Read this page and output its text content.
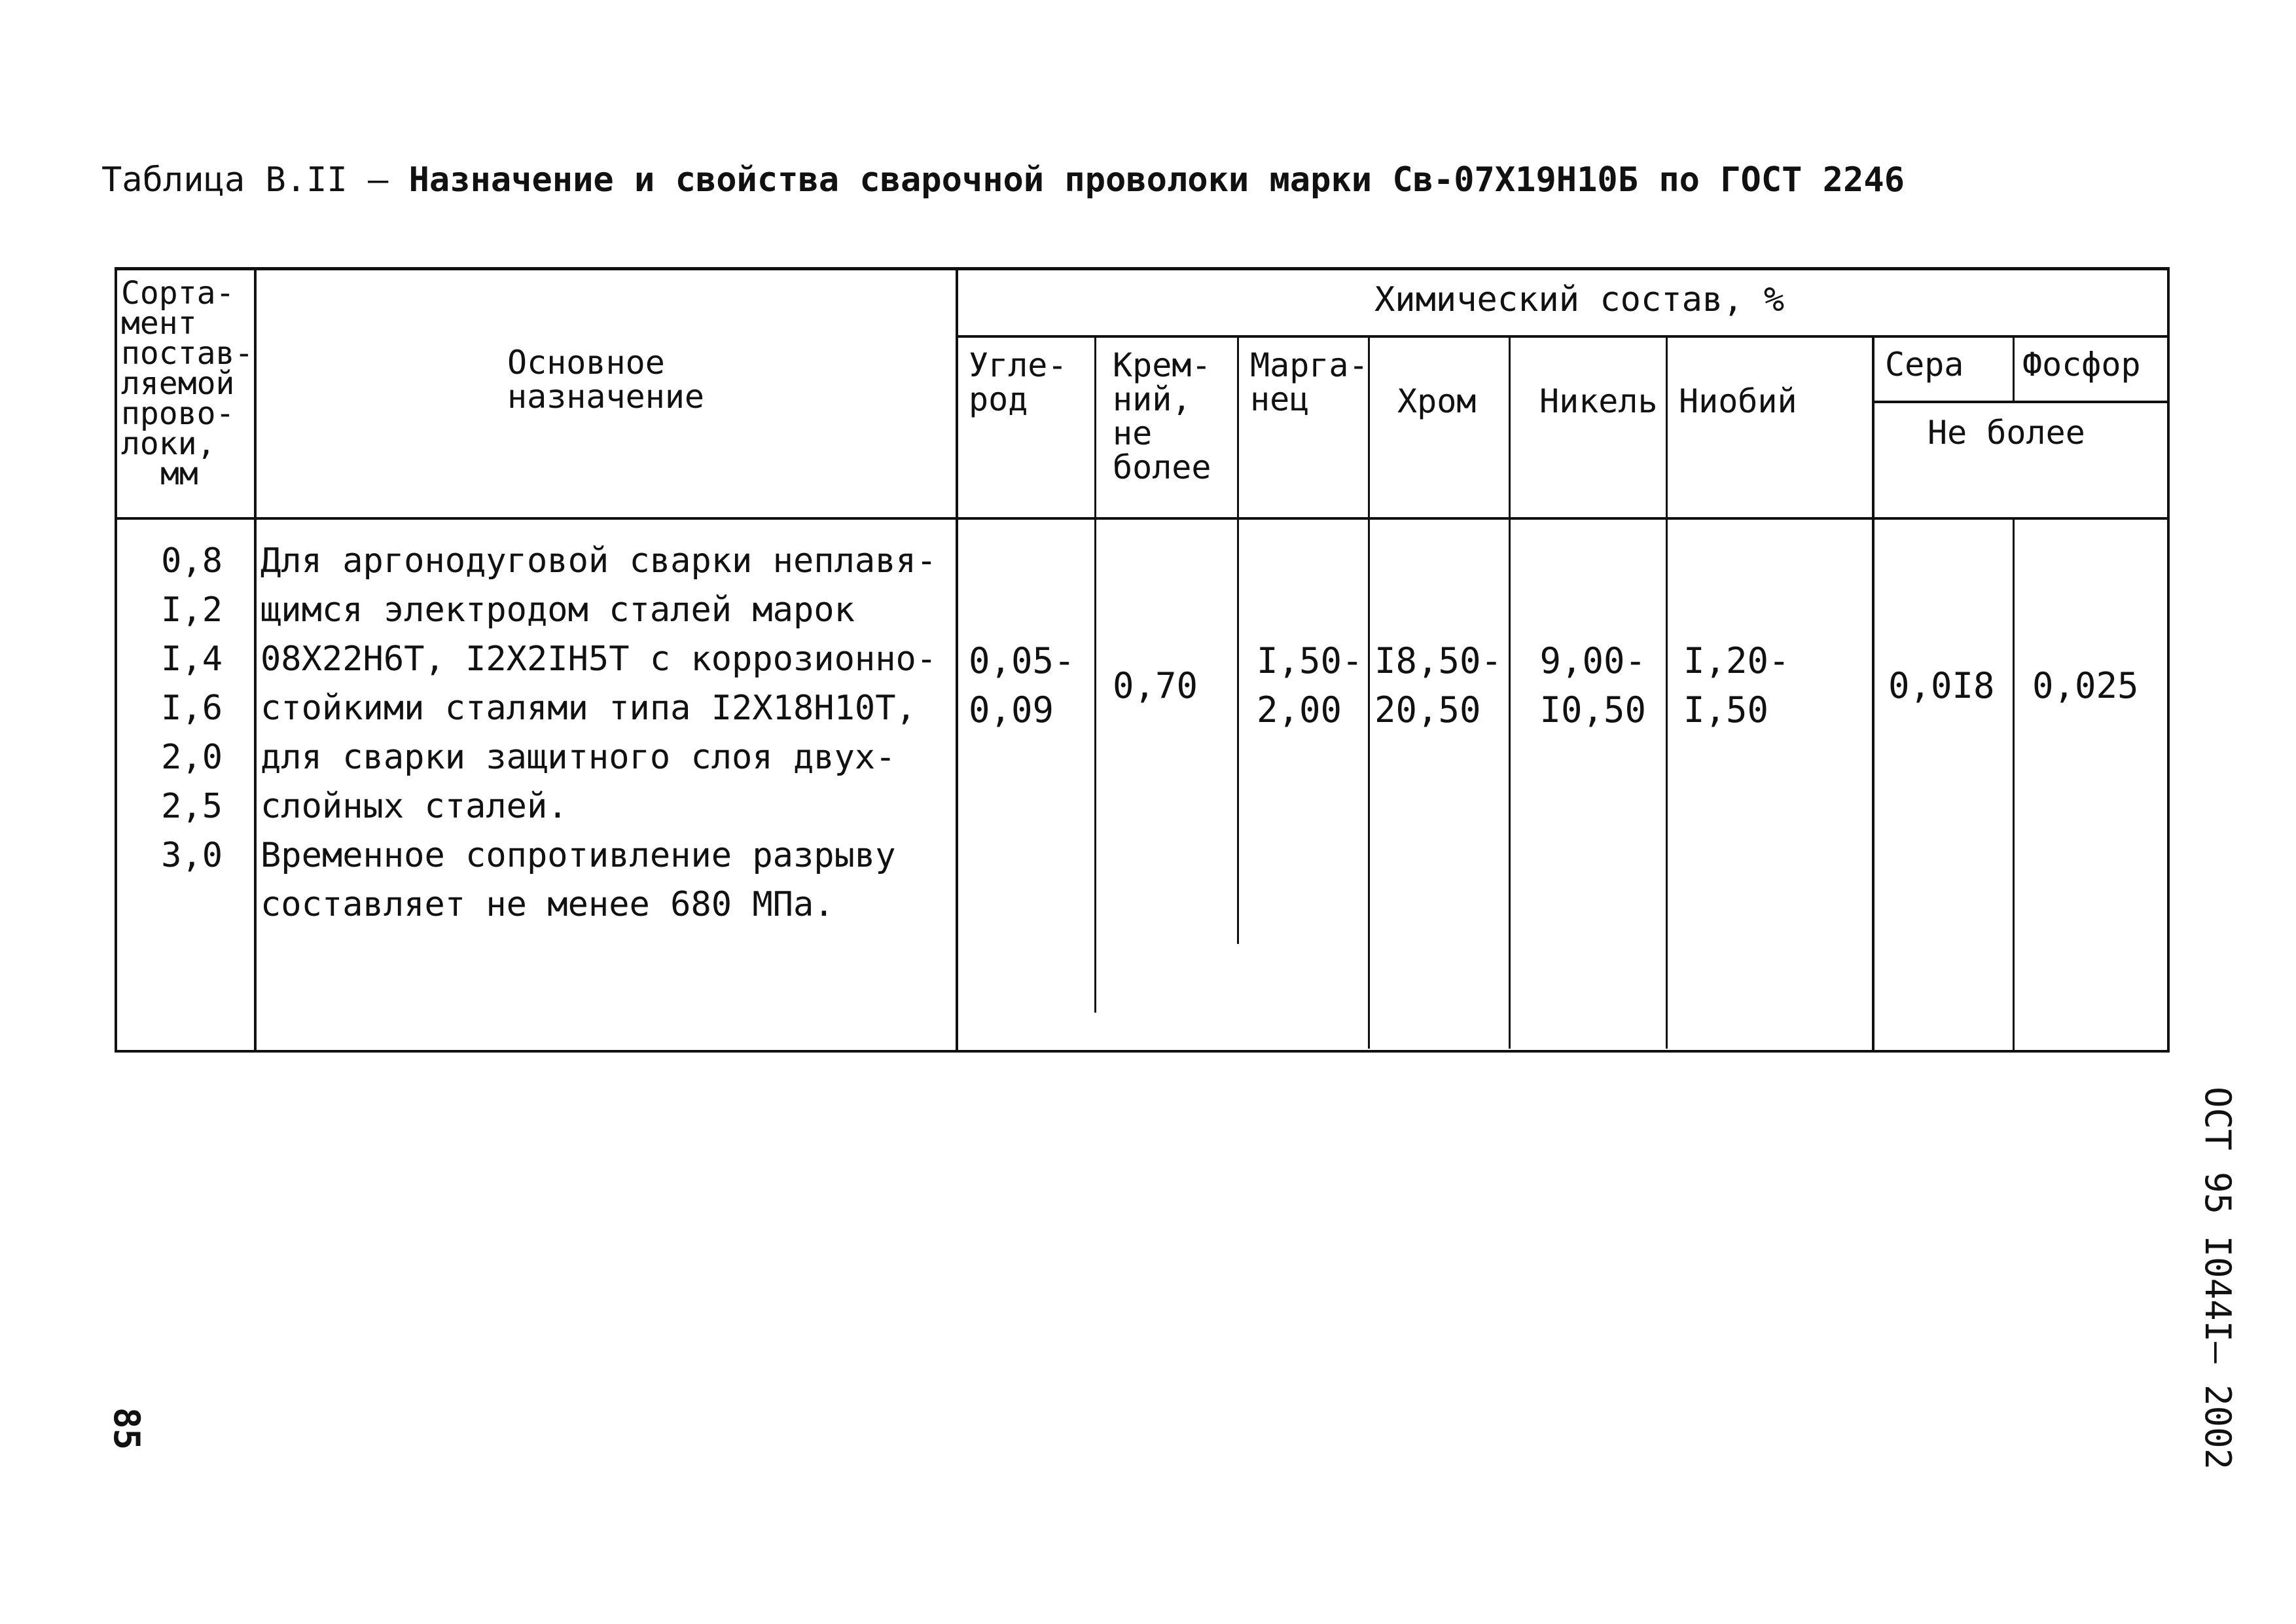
Таблица В.II – Назначение и свойства сварочной проволоки марки Св-07Х19Н10Б по ГОСТ 2246
Сорта-
мент
постав-
ляемой
прово-
локи,
мм
Основное
назначение
Химический состав, %
Угле-
род
Крем-
ний,
не
более
Марга-
нец	Хром Никель Ниобий
Сера Фосфор
Не более
0,8
I,2
I,4
I,6
2,0
2,5
3,0
Для аргонодуговой сварки неплавя-
щимся электродом сталей марок
08Х22Н6Т, I2Х2IН5Т с коррозионно-
стойкими сталями типа I2Х18Н10Т,
для сварки защитного слоя двух-
слойных сталей.
Временное сопротивление разрыву
составляет не менее 680 МПа.
0,05-
0,09
0,70
I,50-
2,00
I8,50-
20,50
9,00-
I0,50
I,20-
I,50
0,0I8 0,025
ОСТ 95 I044I– 2002
85
